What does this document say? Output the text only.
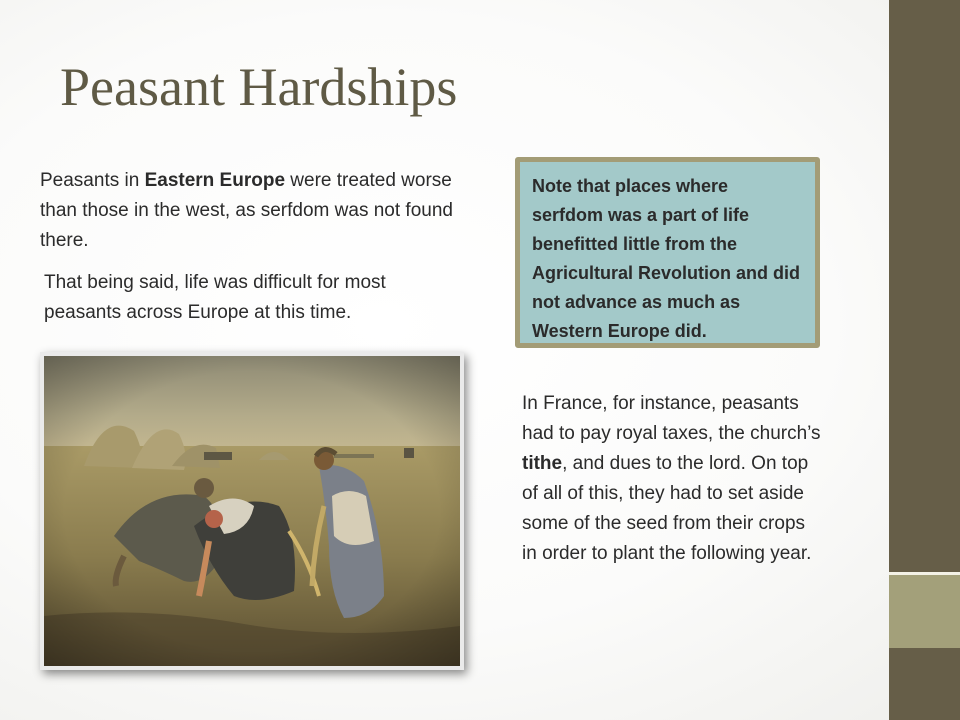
Peasant Hardships
Peasants in Eastern Europe were treated worse than those in the west, as serfdom was not found there.
That being said, life was difficult for most peasants across Europe at this time.
Note that places where serfdom was a part of life benefitted little from the Agricultural Revolution and did not advance as much as Western Europe did.
In France, for instance, peasants had to pay royal taxes, the church’s tithe, and dues to the lord. On top of all of this, they had to set aside some of the seed from their crops in order to plant the following year.
